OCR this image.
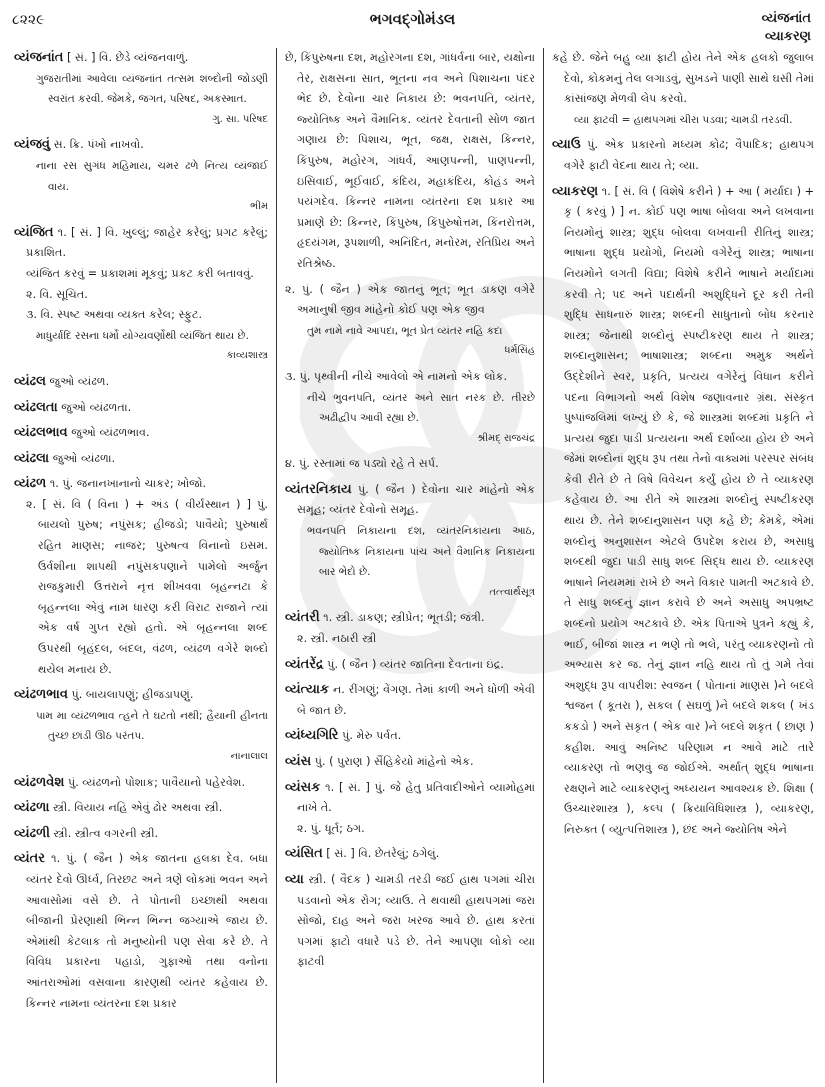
૮૨૨૯	ભગવદ્ગોમંડલ	વ્યંજનાંત
વ્યાકરણ
વ્યંજનાંત [ સં. ] વિ. છેડે વ્યંજનવાળું.
ગુજરાતીમાં આવેલા વ્યંજનાંત તત્સમ શબ્દોની જોડણી સ્વરાંત કરવી. જેમકે, જગત, પરિષદ, અકસ્માત.
ગુ. સા. પરિષદ
વ્યંજવું સ. ક્રિ. પંખો નાખવો.
નાના રસ સુગંધ મહિમાય, ચમર ઢળે નિત્ય વ્યંજાઈ વાય.
ભીમ
વ્યંજિત ૧. [ સં. ] વિ. ખુલ્લું; જાહેર કરેલું; પ્રગટ કરેલું; પ્રકાશિત.
વ્યંજિત કરવું = પ્રકાશમાં મૂકવું; પ્રકટ કરી બતાવવું.
૨. વિ. સૂચિત.
૩. વિ. સ્પષ્ટ અથવા વ્યક્ત કરેલ; સ્ફુટ.
માધુર્યાદિ રસના ધર્મો યોગ્યવર્ણોથી વ્યંજિત થાય છે.
કાવ્યશાસ્ત્ર
વ્યંઢલ જુઓ વ્યંઢળ.
વ્યંઢલતા જુઓ વ્યંઢળતા.
વ્યંઢલભાવ જુઓ વ્યંઢળભાવ.
વ્યંઢલા જુઓ વ્યંઢળા.
વ્યંઢળ ૧. પું. જનાનખાનાનો ચાકર; ખોજો.
૨. [ સં. વિ ( વિના ) + અંડ ( વીર્યસ્થાન ) ] પું. બાયલો પુરુષ; નપુંસક; હીજડો; પાવૈયો; પુરુષાર્થ રહિત માણસ; નાજર; પુરુષત્વ વિનાનો ઇસમ. ઉર્વશીના શાપથી નપુંસકપણાને પામેલો અર્જુન રાજકુમારી ઉત્તરાને નૃત્ત શીખવવા બૃહન્નટા કે બૃહન્નલા એવું નામ ધારણ કરી વિરાટ રાજાને ત્યાં એક વર્ષ ગુપ્ત રહ્યો હતો. એ બૃહન્નલા શબ્દ ઉપરથી બૃહંદલ, બંદલ, વંઢળ, વ્યંઢળ વગેરે શબ્દો થયેલ મનાય છે.
વ્યંઢળભાવ પું. બાયલાપણું; હીજડાપણું.
પામ મા વ્યંઢળભાવ ત્હને તે ઘટતો નથી; હૈયાની હીનતા તુચ્છ છાંડી ઊઠ પરંતપ.
નાનાલાલ
વ્યંઢળવેશ પું. વ્યંઢળનો પોશાક; પાવૈયાનો પહેરવેશ.
વ્યંઢળા સ્ત્રી. વિયાય નહિ એવું ઢોર અથવા સ્ત્રી.
વ્યંઢળી સ્ત્રી. સ્ત્રીત્વ વગરની સ્ત્રી.
વ્યંતર ૧. પું. ( જૈન ) એક જાતના હલકા દેવ. બધા વ્યંતર દેવો ઊર્ધ્વ, તિરછટ અને ત્રણે લોકમાં ભવન અને આવાસોમાં વસે છે. તે પોતાની ઇચ્છાથી અથવા બીજાની પ્રેરણાથી ભિન્ન ભિન્ન જગ્યાએ જાય છે. એમાંથી કેટલાક તો મનુષ્યોની પણ સેવા કરે છે. તે વિવિધ પ્રકારના પહાડો, ગુફાઓ તથા વનોના આંતરાઓમાં વસવાના કારણથી વ્યંતર કહેવાય છે. કિન્નર નામના વ્યંતરના દશ પ્રકાર
છે, કિંપુરુષના દશ, મહોરગના દશ, ગાંધર્વના બાર, યક્ષોના તેર, રાક્ષસના સાત, ભૂતના નવ અને પિશાચના પંદર ભેદ છે. દેવોના ચાર નિકાય છે: ભવનપતિ, વ્યંતર, જ્યોતિષ્ક અને વૈમાનિક. વ્યંતર દેવતાની સોળ જાત ગણાય છે: પિશાચ, ભૂત, જક્ષ, રાક્ષસ, કિન્નર, કિંપુરુષ, મહોરગ, ગાંધર્વ, આણપન્ની, પાણપન્ની, ઇસિવાઈ, ભૂઈવાઈ, કંદિય, મહાકંદિય, કોહંડ અને પયંગદેવ. કિન્નર નામના વ્યંતરના દશ પ્રકાર આ પ્રમાણે છે: કિન્નર, કિંપુરુષ, કિંપુરુષોત્તમ, કિંનરોત્તમ, હૃદયંગમ, રૂપશાળી, અનિંદિત, મનોરમ, રતિપ્રિય અને રતિશ્રેષ્ઠ.
૨. પું. ( જૈન ) એક જાતનું ભૂત; ભૂત ડાકણ વગેરે અમાનુષી જીવ માંહેનો કોઈ પણ એક જીવ
તુમ નામે નાવે આપદા, ભૂત પ્રેત વ્યંતર નહિ કદા
ધર્મસિંહ
૩. પું. પૃથ્વીની નીચે આવેલો એ નામનો એક લોક.
નીચે ભુવનપતિ, વ્યંતર અને સાત નરક છે. તીરછે અઢીદ્વીપ આવી રહ્યા છે.
શ્રીમદ્ રાજચંદ્ર
૪. પું. રસ્તામાં જ પડ્યો રહે તે સર્પ.
વ્યંતરનિકાય પું. ( જૈન ) દેવોના ચાર માંહેનો એક સમૂહ; વ્યંતર દેવોનો સમૂહ.
ભવનપતિ નિકાયના દશ, વ્યંતરનિકાયના આઠ, જ્યોતિષ્ક નિકાયના પાંચ અને વૈમાનિક નિકાયના બાર ભેદો છે.
તત્ત્વાર્થસૂત્ર
વ્યંતરી ૧. સ્ત્રી. ડાકણ; સ્ત્રીપ્રેત; ભૂતડી; જંત્રી.
૨. સ્ત્રી. નઠારી સ્ત્રી
વ્યંતરેંદ્ર પું. ( જૈન ) વ્યંતર જાતિના દેવતાના ઇંદ્ર.
વ્યંત્યાક ન. રીંગણું; વેંગણ. તેમાં કાળી અને ધોળી એવી બે જાત છે.
વ્યંધ્યગિરિ પું. મેરુ પર્વત.
વ્યંસ પું. ( પુરાણ ) સૈંહિકેયો માંહેનો એક.
વ્યંસક ૧. [ સં. ] પું. જે હેતુ પ્રતિવાદીઓને વ્યામોહમાં નાખે તે.
૨. પું. ધૂર્ત; ઠગ.
વ્યંસિત [ સં. ] વિ. છેતરેલું; ઠગેલું.
વ્યા સ્ત્રી. ( વૈદક ) ચામડી તરડી જઈ હાથ પગમાં ચીરા પડવાનો એક રોગ; વ્યાઉ. તે થવાથી હાથપગમાં જરા સોજો, દાહ અને જરા ખરજ આવે છે. હાથ કરતાં પગમાં ફાટો વધારે પડે છે. તેને આપણા લોકો વ્યા ફાટવી
કહે છે. જેને બહુ વ્યા ફાટી હોય તેને એક હલકો જુલાબ દેવો, કોકમનું તેલ લગાડવું, સુખડને પાણી સાથે ઘસી તેમાં કાંસાંજણ મેળવી લેપ કરવો.
વ્યા ફાટવી = હાથપગમાં ચીરા પડવા; ચામડી તરડવી.
વ્યાઉ પું. એક પ્રકારનો મધ્યમ કોઢ; વૈપાદિક; હાથપગ વગેરે ફાટી વેદના થાય તે; વ્યા.
વ્યાકરણ ૧. [ સં. વિ ( વિશેષે કરીને ) + આ ( મર્યાદા ) + કૃ ( કરવું ) ] ન. કોઈ પણ ભાષા બોલવા અને લખવાના નિયમોનું શાસ્ત્ર; શુદ્ધ બોલવા લખવાની રીતિનું શાસ્ત્ર; ભાષાના શુદ્ધ પ્રયોગો, નિયમો વગેરેનું શાસ્ત્ર; ભાષાના નિયમોને લગતી વિદ્યા; વિશેષે કરીને ભાષાને મર્યાદામાં કરવી તે; પદ અને પદાર્થની અશુદ્ધિને દૂર કરી તેની શુદ્ધિ સાધનારું શાસ્ત્ર; શબ્દની સાધુતાનો બોધ કરનાર શાસ્ત્ર; જેનાથી શબ્દોનું સ્પષ્ટીકરણ થાય તે શાસ્ત્ર; શબ્દાનુશાસન; ભાષાશાસ્ત્ર; શબ્દના અમુક અર્થને ઉદ્દેશીને સ્વર, પ્રકૃતિ, પ્રત્યય વગેરેનું વિધાન કરીને પદના વિભાગનો અર્થ વિશેષ જણાવનાર ગ્રંથ. સંસ્કૃત પુષ્પાંજલિમાં લખ્યું છે કે, જે શાસ્ત્રમાં શબ્દમાં પ્રકૃતિ ને પ્રત્યય જુદા પાડી પ્રત્યયના અર્થ દર્શાવ્યા હોય છે અને જેમાં શબ્દોનાં શુદ્ધ રૂપ તથા તેનો વાક્યમાં પરસ્પર સંબંધ કેવી રીતે છે તે વિષે વિવેચન કર્યું હોય છે તે વ્યાકરણ કહેવાય છે. આ રીતે એ શાસ્ત્રમાં શબ્દોનું સ્પષ્ટીકરણ થાય છે. તેને શબ્દાનુશાસન પણ કહે છે; કેમકે, એમાં શબ્દોનું અનુશાસન એટલે ઉપદેશ કરાય છે, અસાધુ શબ્દથી જુદા પાડી સાધુ શબ્દ સિદ્ધ થાય છે. વ્યાકરણ ભાષાને નિયમમાં રાખે છે અને વિકાર પામતી અટકાવે છે. તે સાધુ શબ્દનું જ્ઞાન કરાવે છે અને અસાધુ અપભ્રષ્ટ શબ્દનો પ્રયોગ અટકાવે છે. એક પિતાએ પુત્રને કહ્યું કે, ભાઈ, બીજાં શાસ્ત્ર ન ભણે તો ભલે, પરંતુ વ્યાકરણનો તો અભ્યાસ કર જ. તેનું જ્ઞાન નહિ થાય તો તું ગમે તેવાં અશુદ્ધ રૂપ વાપરીશ: સ્વજન ( પોતાનાં માણસ )ને બદલે શ્વજન ( કૂતરા ), સકલ ( સઘળું )ને બદલે શકલ ( ખંડ કકડો ) અને સકૃત ( એક વાર )ને બદલે શકૃત ( છાણ ) કહીશ. આવું અનિષ્ટ પરિણામ ન આવે માટે તારે વ્યાકરણ તો ભણવું જ જોઈએ. અર્થાત્ શુદ્ધ ભાષાના રક્ષણને માટે વ્યાકરણનું અધ્યયન આવશ્યક છે. શિક્ષા ( ઉચ્ચારશાસ્ત્ર ), કલ્પ ( ક્રિયાવિધિશાસ્ત્ર ), વ્યાકરણ, નિરુક્ત ( વ્યુત્પત્તિશાસ્ત્ર ), છંદ અને જ્યોતિષ એને
